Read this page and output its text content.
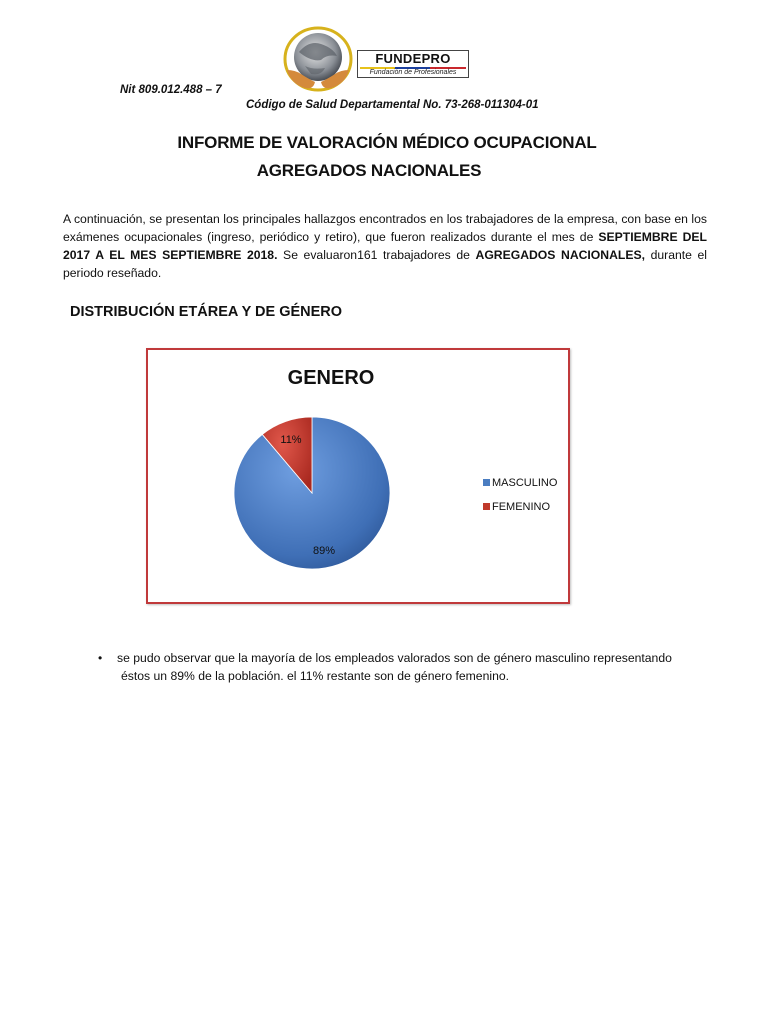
FUNDEPRO
Fundación de Profesionales
Nit 809.012.488 – 7
Código de Salud Departamental No. 73-268-011304-01
INFORME DE VALORACIÓN MÉDICO OCUPACIONAL
AGREGADOS NACIONALES
A continuación, se presentan los principales hallazgos encontrados en los trabajadores de la empresa, con base en los exámenes ocupacionales (ingreso, periódico y retiro), que fueron realizados durante el mes de SEPTIEMBRE DEL 2017 A EL MES SEPTIEMBRE 2018. Se evaluaron161 trabajadores de AGREGADOS NACIONALES, durante el periodo reseñado.
DISTRIBUCIÓN ETÁREA Y DE GÉNERO
GENERO
89%
11%
MASCULINO
FEMENINO
• se pudo observar que la mayoría de los empleados valorados son de género masculino representando
éstos un 89% de la población. el 11% restante son de género femenino.
